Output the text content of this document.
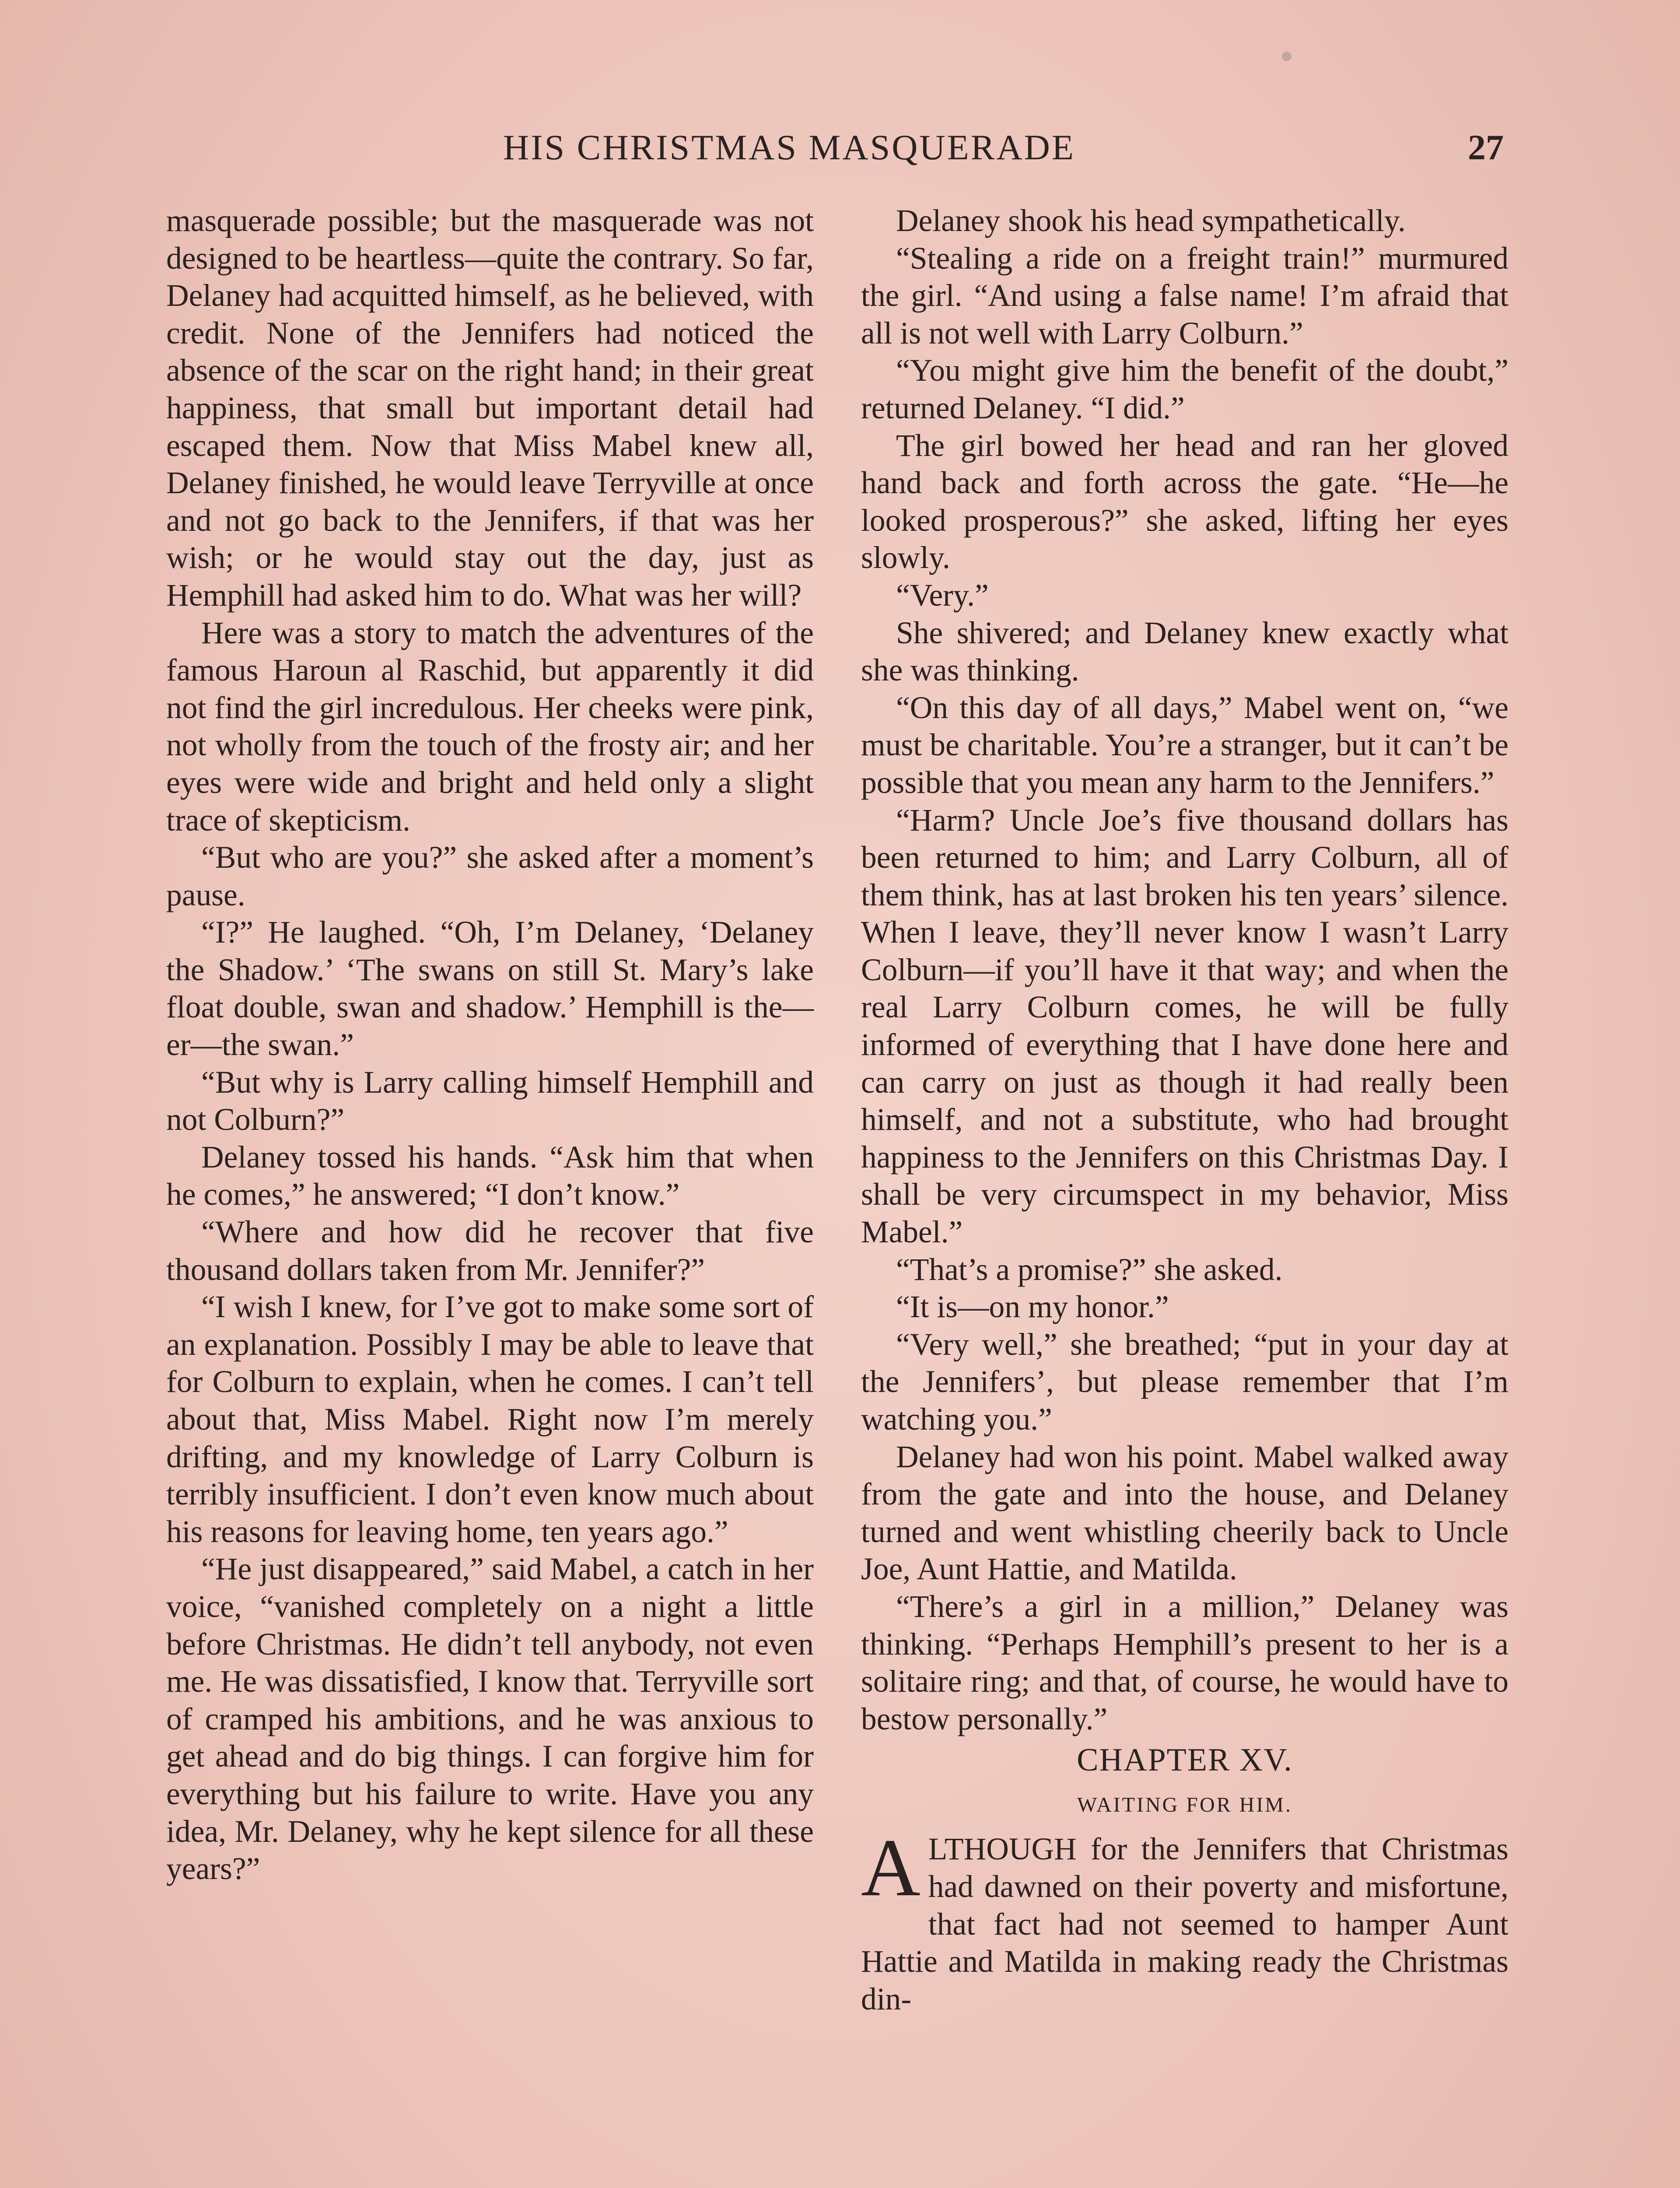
HIS CHRISTMAS MASQUERADE	27

masquerade possible; but the masquerade was not designed to be heartless—quite the contrary. So far, Delaney had acquitted himself, as he believed, with credit. None of the Jennifers had noticed the absence of the scar on the right hand; in their great happiness, that small but important detail had escaped them. Now that Miss Mabel knew all, Delaney finished, he would leave Terryville at once and not go back to the Jennifers, if that was her wish; or he would stay out the day, just as Hemphill had asked him to do. What was her will?

Here was a story to match the adventures of the famous Haroun al Raschid, but apparently it did not find the girl incredulous. Her cheeks were pink, not wholly from the touch of the frosty air; and her eyes were wide and bright and held only a slight trace of skepticism.

“But who are you?” she asked after a moment’s pause.

“I?” He laughed. “Oh, I’m Delaney, ‘Delaney the Shadow.’ ‘The swans on still St. Mary’s lake float double, swan and shadow.’ Hemphill is the—er—the swan.”

“But why is Larry calling himself Hemphill and not Colburn?”

Delaney tossed his hands. “Ask him that when he comes,” he answered; “I don’t know.”

“Where and how did he recover that five thousand dollars taken from Mr. Jennifer?”

“I wish I knew, for I’ve got to make some sort of an explanation. Possibly I may be able to leave that for Colburn to explain, when he comes. I can’t tell about that, Miss Mabel. Right now I’m merely drifting, and my knowledge of Larry Colburn is terribly insufficient. I don’t even know much about his reasons for leaving home, ten years ago.”

“He just disappeared,” said Mabel, a catch in her voice, “vanished completely on a night a little before Christmas. He didn’t tell anybody, not even me. He was dissatisfied, I know that. Terryville sort of cramped his ambitions, and he was anxious to get ahead and do big things. I can forgive him for everything but his failure to write. Have you any idea, Mr. Delaney, why he kept silence for all these years?”

Delaney shook his head sympathetically.

“Stealing a ride on a freight train!” murmured the girl. “And using a false name! I’m afraid that all is not well with Larry Colburn.”

“You might give him the benefit of the doubt,” returned Delaney. “I did.”

The girl bowed her head and ran her gloved hand back and forth across the gate. “He—he looked prosperous?” she asked, lifting her eyes slowly.

“Very.”

She shivered; and Delaney knew exactly what she was thinking.

“On this day of all days,” Mabel went on, “we must be charitable. You’re a stranger, but it can’t be possible that you mean any harm to the Jennifers.”

“Harm? Uncle Joe’s five thousand dollars has been returned to him; and Larry Colburn, all of them think, has at last broken his ten years’ silence. When I leave, they’ll never know I wasn’t Larry Colburn—if you’ll have it that way; and when the real Larry Colburn comes, he will be fully informed of everything that I have done here and can carry on just as though it had really been himself, and not a substitute, who had brought happiness to the Jennifers on this Christmas Day. I shall be very circumspect in my behavior, Miss Mabel.”

“That’s a promise?” she asked.

“It is—on my honor.”

“Very well,” she breathed; “put in your day at the Jennifers’, but please remember that I’m watching you.”

Delaney had won his point. Mabel walked away from the gate and into the house, and Delaney turned and went whistling cheerily back to Uncle Joe, Aunt Hattie, and Matilda.

“There’s a girl in a million,” Delaney was thinking. “Perhaps Hemphill’s present to her is a solitaire ring; and that, of course, he would have to bestow personally.”

CHAPTER XV.
WAITING FOR HIM.

ALTHOUGH for the Jennifers that Christmas had dawned on their poverty and misfortune, that fact had not seemed to hamper Aunt Hattie and Matilda in making ready the Christmas din-
